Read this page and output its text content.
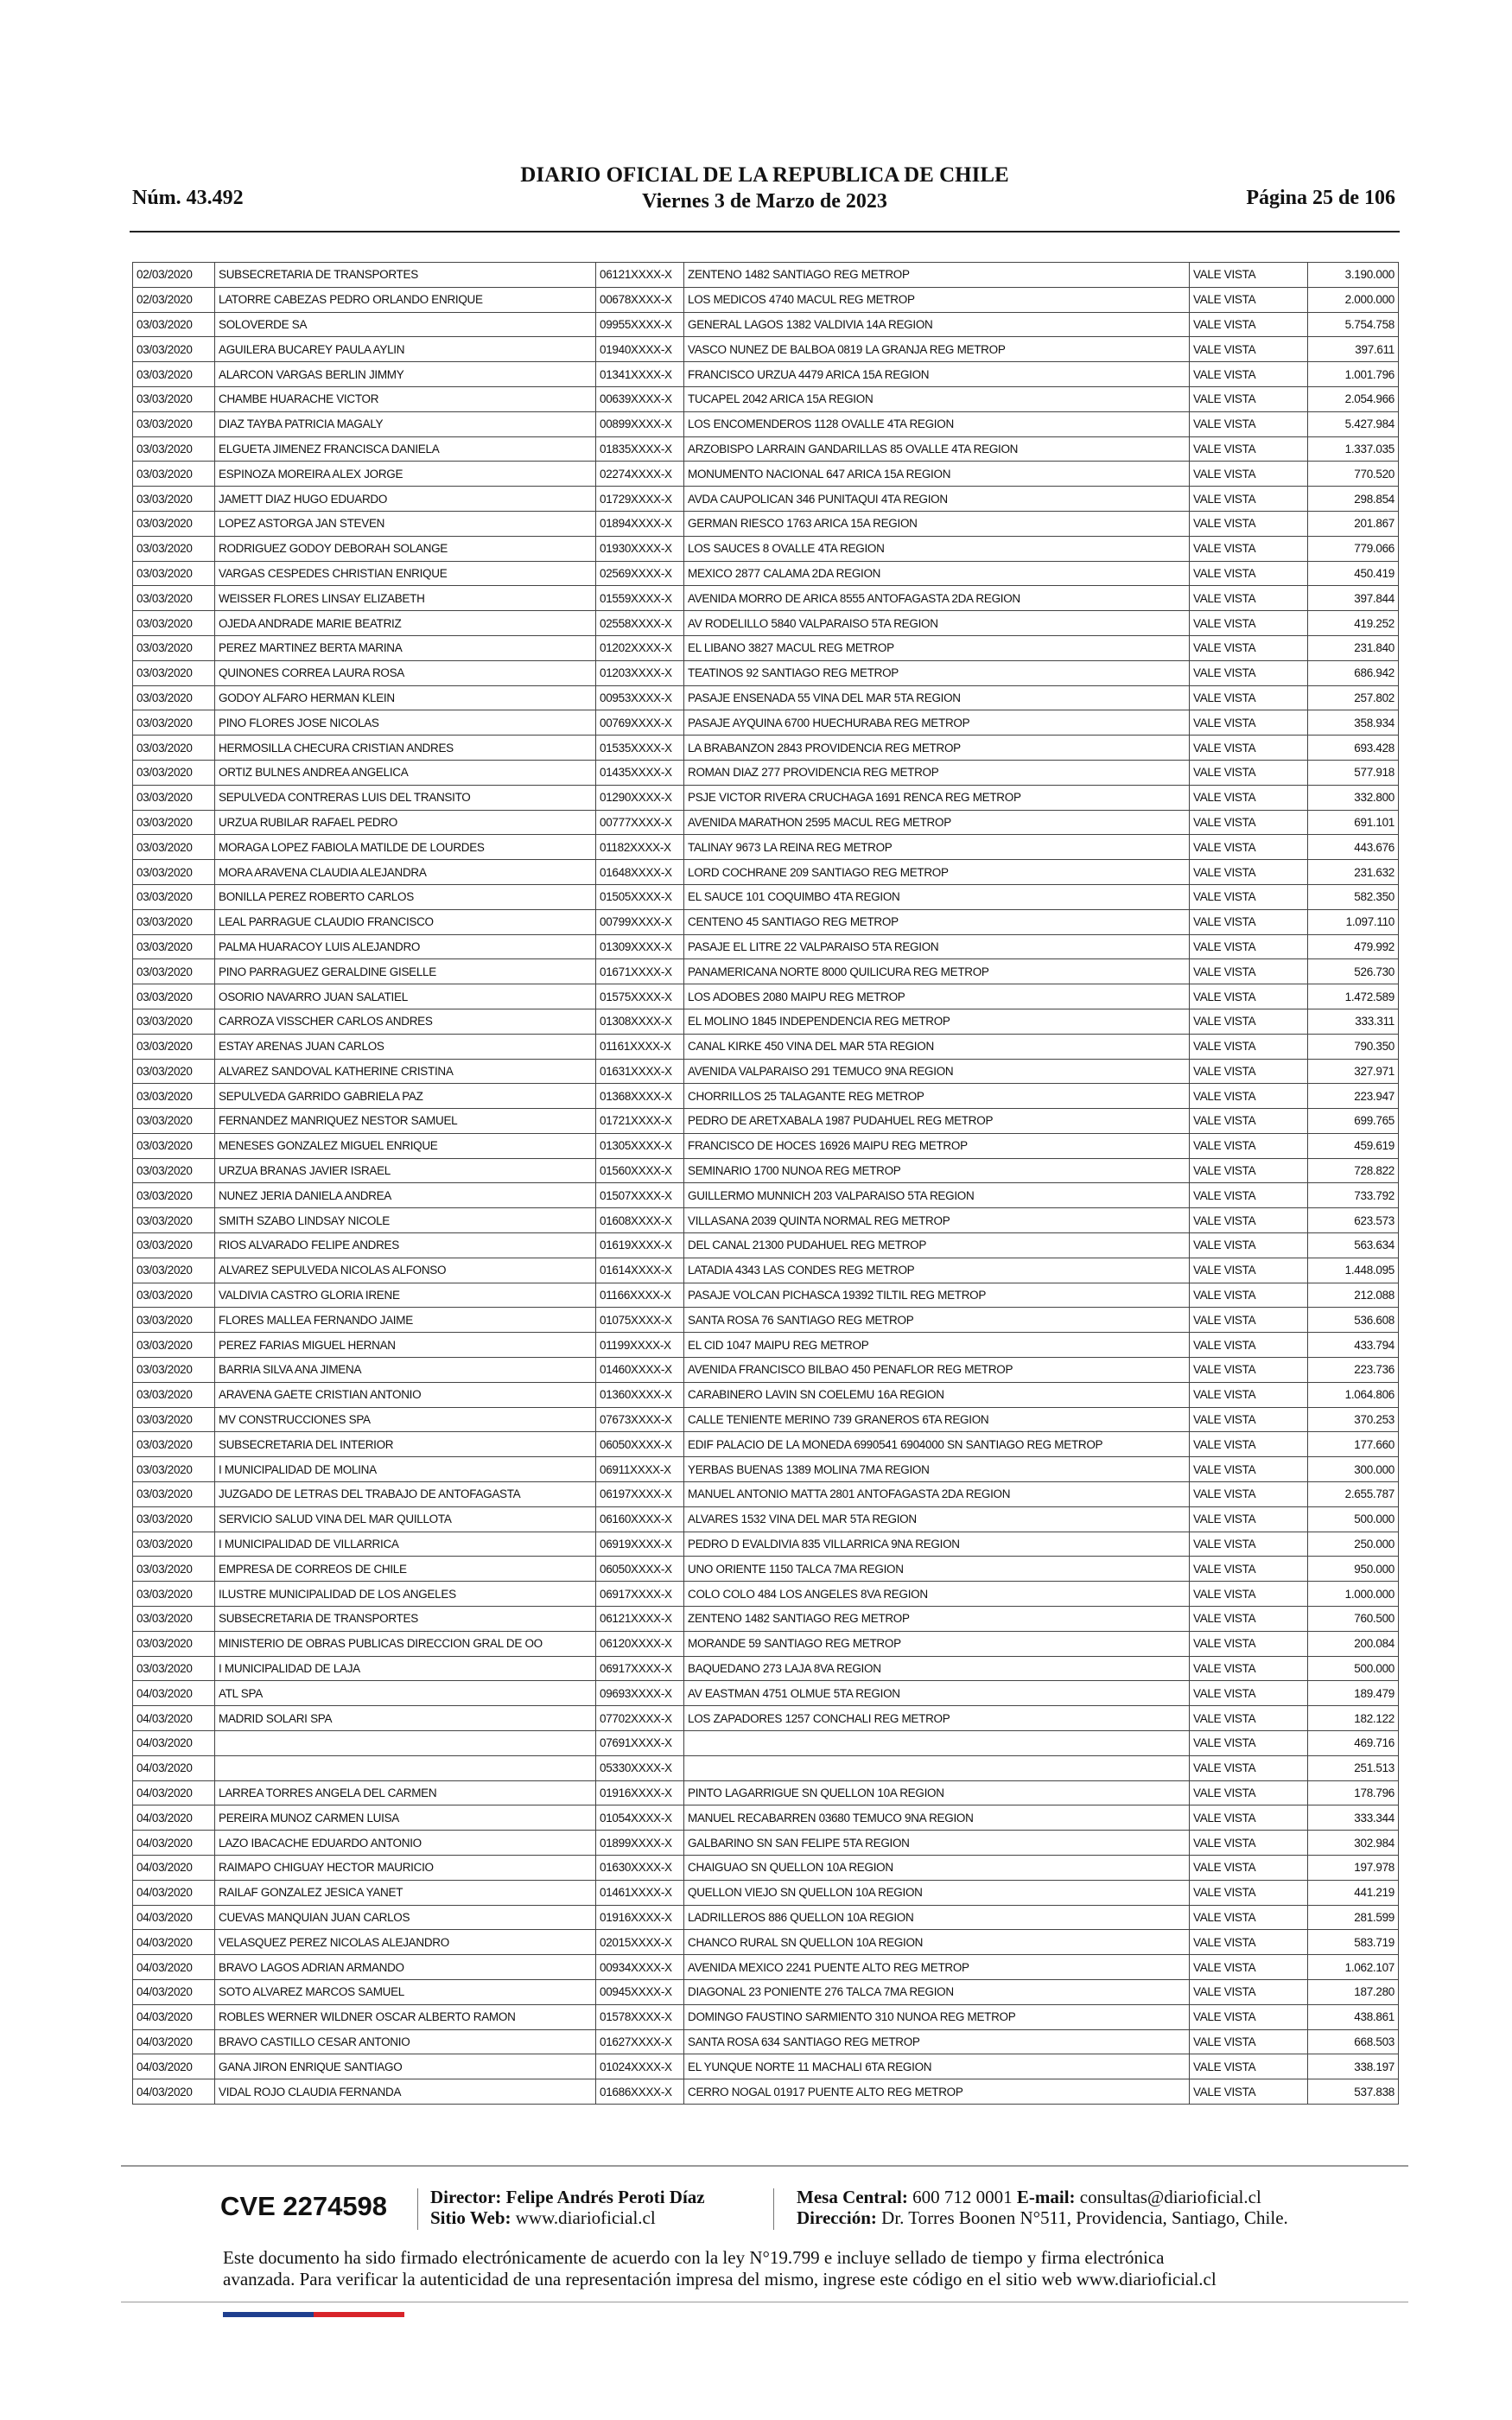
Núm. 43.492
DIARIO OFICIAL DE LA REPUBLICA DE CHILE
Viernes 3 de Marzo de 2023	Página 25 de 106
02/03/2020	SUBSECRETARIA DE TRANSPORTES	06121XXXX-X	ZENTENO 1482 SANTIAGO REG METROP	VALE VISTA	3.190.000
02/03/2020	LATORRE CABEZAS PEDRO ORLANDO ENRIQUE	00678XXXX-X	LOS MEDICOS 4740 MACUL REG METROP	VALE VISTA	2.000.000
03/03/2020	SOLOVERDE SA	09955XXXX-X	GENERAL LAGOS 1382 VALDIVIA 14A REGION	VALE VISTA	5.754.758
03/03/2020	AGUILERA BUCAREY PAULA AYLIN	01940XXXX-X	VASCO NUNEZ DE BALBOA 0819 LA GRANJA REG METROP	VALE VISTA	397.611
03/03/2020	ALARCON VARGAS BERLIN JIMMY	01341XXXX-X	FRANCISCO URZUA 4479 ARICA 15A REGION	VALE VISTA	1.001.796
03/03/2020	CHAMBE HUARACHE VICTOR	00639XXXX-X	TUCAPEL 2042 ARICA 15A REGION	VALE VISTA	2.054.966
03/03/2020	DIAZ TAYBA PATRICIA MAGALY	00899XXXX-X	LOS ENCOMENDEROS 1128 OVALLE 4TA REGION	VALE VISTA	5.427.984
03/03/2020	ELGUETA JIMENEZ FRANCISCA DANIELA	01835XXXX-X	ARZOBISPO LARRAIN GANDARILLAS 85 OVALLE 4TA REGION	VALE VISTA	1.337.035
03/03/2020	ESPINOZA MOREIRA ALEX JORGE	02274XXXX-X	MONUMENTO NACIONAL 647 ARICA 15A REGION	VALE VISTA	770.520
03/03/2020	JAMETT DIAZ HUGO EDUARDO	01729XXXX-X	AVDA CAUPOLICAN 346 PUNITAQUI 4TA REGION	VALE VISTA	298.854
03/03/2020	LOPEZ ASTORGA JAN STEVEN	01894XXXX-X	GERMAN RIESCO 1763 ARICA 15A REGION	VALE VISTA	201.867
03/03/2020	RODRIGUEZ GODOY DEBORAH SOLANGE	01930XXXX-X	LOS SAUCES 8 OVALLE 4TA REGION	VALE VISTA	779.066
03/03/2020	VARGAS CESPEDES CHRISTIAN ENRIQUE	02569XXXX-X	MEXICO 2877 CALAMA 2DA REGION	VALE VISTA	450.419
03/03/2020	WEISSER FLORES LINSAY ELIZABETH	01559XXXX-X	AVENIDA MORRO DE ARICA 8555 ANTOFAGASTA 2DA REGION	VALE VISTA	397.844
03/03/2020	OJEDA ANDRADE MARIE BEATRIZ	02558XXXX-X	AV RODELILLO 5840 VALPARAISO 5TA REGION	VALE VISTA	419.252
03/03/2020	PEREZ MARTINEZ BERTA MARINA	01202XXXX-X	EL LIBANO 3827 MACUL REG METROP	VALE VISTA	231.840
03/03/2020	QUINONES CORREA LAURA ROSA	01203XXXX-X	TEATINOS 92 SANTIAGO REG METROP	VALE VISTA	686.942
03/03/2020	GODOY ALFARO HERMAN KLEIN	00953XXXX-X	PASAJE ENSENADA 55 VINA DEL MAR 5TA REGION	VALE VISTA	257.802
03/03/2020	PINO FLORES JOSE NICOLAS	00769XXXX-X	PASAJE AYQUINA 6700 HUECHURABA REG METROP	VALE VISTA	358.934
03/03/2020	HERMOSILLA CHECURA CRISTIAN ANDRES	01535XXXX-X	LA BRABANZON 2843 PROVIDENCIA REG METROP	VALE VISTA	693.428
03/03/2020	ORTIZ BULNES ANDREA ANGELICA	01435XXXX-X	ROMAN DIAZ 277 PROVIDENCIA REG METROP	VALE VISTA	577.918
03/03/2020	SEPULVEDA CONTRERAS LUIS DEL TRANSITO	01290XXXX-X	PSJE VICTOR RIVERA CRUCHAGA 1691 RENCA REG METROP	VALE VISTA	332.800
03/03/2020	URZUA RUBILAR RAFAEL PEDRO	00777XXXX-X	AVENIDA MARATHON 2595 MACUL REG METROP	VALE VISTA	691.101
03/03/2020	MORAGA LOPEZ FABIOLA MATILDE DE LOURDES	01182XXXX-X	TALINAY 9673 LA REINA REG METROP	VALE VISTA	443.676
03/03/2020	MORA ARAVENA CLAUDIA ALEJANDRA	01648XXXX-X	LORD COCHRANE 209 SANTIAGO REG METROP	VALE VISTA	231.632
03/03/2020	BONILLA PEREZ ROBERTO CARLOS	01505XXXX-X	EL SAUCE 101 COQUIMBO 4TA REGION	VALE VISTA	582.350
03/03/2020	LEAL PARRAGUE CLAUDIO FRANCISCO	00799XXXX-X	CENTENO 45 SANTIAGO REG METROP	VALE VISTA	1.097.110
03/03/2020	PALMA HUARACOY LUIS ALEJANDRO	01309XXXX-X	PASAJE EL LITRE 22 VALPARAISO 5TA REGION	VALE VISTA	479.992
03/03/2020	PINO PARRAGUEZ GERALDINE GISELLE	01671XXXX-X	PANAMERICANA NORTE 8000 QUILICURA REG METROP	VALE VISTA	526.730
03/03/2020	OSORIO NAVARRO JUAN SALATIEL	01575XXXX-X	LOS ADOBES 2080 MAIPU REG METROP	VALE VISTA	1.472.589
03/03/2020	CARROZA VISSCHER CARLOS ANDRES	01308XXXX-X	EL MOLINO 1845 INDEPENDENCIA REG METROP	VALE VISTA	333.311
03/03/2020	ESTAY ARENAS JUAN CARLOS	01161XXXX-X	CANAL KIRKE 450 VINA DEL MAR 5TA REGION	VALE VISTA	790.350
03/03/2020	ALVAREZ SANDOVAL KATHERINE CRISTINA	01631XXXX-X	AVENIDA VALPARAISO 291 TEMUCO 9NA REGION	VALE VISTA	327.971
03/03/2020	SEPULVEDA GARRIDO GABRIELA PAZ	01368XXXX-X	CHORRILLOS 25 TALAGANTE REG METROP	VALE VISTA	223.947
03/03/2020	FERNANDEZ MANRIQUEZ NESTOR SAMUEL	01721XXXX-X	PEDRO DE ARETXABALA 1987 PUDAHUEL REG METROP	VALE VISTA	699.765
03/03/2020	MENESES GONZALEZ MIGUEL ENRIQUE	01305XXXX-X	FRANCISCO DE HOCES 16926 MAIPU REG METROP	VALE VISTA	459.619
03/03/2020	URZUA BRANAS JAVIER ISRAEL	01560XXXX-X	SEMINARIO 1700 NUNOA REG METROP	VALE VISTA	728.822
03/03/2020	NUNEZ JERIA DANIELA ANDREA	01507XXXX-X	GUILLERMO MUNNICH 203 VALPARAISO 5TA REGION	VALE VISTA	733.792
03/03/2020	SMITH SZABO LINDSAY NICOLE	01608XXXX-X	VILLASANA 2039 QUINTA NORMAL REG METROP	VALE VISTA	623.573
03/03/2020	RIOS ALVARADO FELIPE ANDRES	01619XXXX-X	DEL CANAL 21300 PUDAHUEL REG METROP	VALE VISTA	563.634
03/03/2020	ALVAREZ SEPULVEDA NICOLAS ALFONSO	01614XXXX-X	LATADIA 4343 LAS CONDES REG METROP	VALE VISTA	1.448.095
03/03/2020	VALDIVIA CASTRO GLORIA IRENE	01166XXXX-X	PASAJE VOLCAN PICHASCA 19392 TILTIL REG METROP	VALE VISTA	212.088
03/03/2020	FLORES MALLEA FERNANDO JAIME	01075XXXX-X	SANTA ROSA 76 SANTIAGO REG METROP	VALE VISTA	536.608
03/03/2020	PEREZ FARIAS MIGUEL HERNAN	01199XXXX-X	EL CID 1047 MAIPU REG METROP	VALE VISTA	433.794
03/03/2020	BARRIA SILVA ANA JIMENA	01460XXXX-X	AVENIDA FRANCISCO BILBAO 450 PENAFLOR REG METROP	VALE VISTA	223.736
03/03/2020	ARAVENA GAETE CRISTIAN ANTONIO	01360XXXX-X	CARABINERO LAVIN SN COELEMU 16A REGION	VALE VISTA	1.064.806
03/03/2020	MV CONSTRUCCIONES SPA	07673XXXX-X	CALLE TENIENTE MERINO 739 GRANEROS 6TA REGION	VALE VISTA	370.253
03/03/2020	SUBSECRETARIA DEL INTERIOR	06050XXXX-X	EDIF PALACIO DE LA MONEDA 6990541 6904000 SN SANTIAGO REG METROP	VALE VISTA	177.660
03/03/2020	I MUNICIPALIDAD DE MOLINA	06911XXXX-X	YERBAS BUENAS 1389 MOLINA 7MA REGION	VALE VISTA	300.000
03/03/2020	JUZGADO DE LETRAS DEL TRABAJO DE ANTOFAGASTA	06197XXXX-X	MANUEL ANTONIO MATTA 2801 ANTOFAGASTA 2DA REGION	VALE VISTA	2.655.787
03/03/2020	SERVICIO SALUD VINA DEL MAR QUILLOTA	06160XXXX-X	ALVARES 1532 VINA DEL MAR 5TA REGION	VALE VISTA	500.000
03/03/2020	I MUNICIPALIDAD DE VILLARRICA	06919XXXX-X	PEDRO D EVALDIVIA 835 VILLARRICA 9NA REGION	VALE VISTA	250.000
03/03/2020	EMPRESA DE CORREOS DE CHILE	06050XXXX-X	UNO ORIENTE 1150 TALCA 7MA REGION	VALE VISTA	950.000
03/03/2020	ILUSTRE MUNICIPALIDAD DE LOS ANGELES	06917XXXX-X	COLO COLO 484 LOS ANGELES 8VA REGION	VALE VISTA	1.000.000
03/03/2020	SUBSECRETARIA DE TRANSPORTES	06121XXXX-X	ZENTENO 1482 SANTIAGO REG METROP	VALE VISTA	760.500
03/03/2020	MINISTERIO DE OBRAS PUBLICAS DIRECCION GRAL DE OO	06120XXXX-X	MORANDE 59 SANTIAGO REG METROP	VALE VISTA	200.084
03/03/2020	I MUNICIPALIDAD DE LAJA	06917XXXX-X	BAQUEDANO 273 LAJA 8VA REGION	VALE VISTA	500.000
04/03/2020	ATL SPA	09693XXXX-X	AV EASTMAN 4751 OLMUE 5TA REGION	VALE VISTA	189.479
04/03/2020	MADRID SOLARI SPA	07702XXXX-X	LOS ZAPADORES 1257 CONCHALI REG METROP	VALE VISTA	182.122
04/03/2020		07691XXXX-X		VALE VISTA	469.716
04/03/2020		05330XXXX-X		VALE VISTA	251.513
04/03/2020	LARREA TORRES ANGELA DEL CARMEN	01916XXXX-X	PINTO LAGARRIGUE SN QUELLON 10A REGION	VALE VISTA	178.796
04/03/2020	PEREIRA MUNOZ CARMEN LUISA	01054XXXX-X	MANUEL RECABARREN 03680 TEMUCO 9NA REGION	VALE VISTA	333.344
04/03/2020	LAZO IBACACHE EDUARDO ANTONIO	01899XXXX-X	GALBARINO SN SAN FELIPE 5TA REGION	VALE VISTA	302.984
04/03/2020	RAIMAPO CHIGUAY HECTOR MAURICIO	01630XXXX-X	CHAIGUAO SN QUELLON 10A REGION	VALE VISTA	197.978
04/03/2020	RAILAF GONZALEZ JESICA YANET	01461XXXX-X	QUELLON VIEJO SN QUELLON 10A REGION	VALE VISTA	441.219
04/03/2020	CUEVAS MANQUIAN JUAN CARLOS	01916XXXX-X	LADRILLEROS 886 QUELLON 10A REGION	VALE VISTA	281.599
04/03/2020	VELASQUEZ PEREZ NICOLAS ALEJANDRO	02015XXXX-X	CHANCO RURAL SN QUELLON 10A REGION	VALE VISTA	583.719
04/03/2020	BRAVO LAGOS ADRIAN ARMANDO	00934XXXX-X	AVENIDA MEXICO 2241 PUENTE ALTO REG METROP	VALE VISTA	1.062.107
04/03/2020	SOTO ALVAREZ MARCOS SAMUEL	00945XXXX-X	DIAGONAL 23 PONIENTE 276 TALCA 7MA REGION	VALE VISTA	187.280
04/03/2020	ROBLES WERNER WILDNER OSCAR ALBERTO RAMON	01578XXXX-X	DOMINGO FAUSTINO SARMIENTO 310 NUNOA REG METROP	VALE VISTA	438.861
04/03/2020	BRAVO CASTILLO CESAR ANTONIO	01627XXXX-X	SANTA ROSA 634 SANTIAGO REG METROP	VALE VISTA	668.503
04/03/2020	GANA JIRON ENRIQUE SANTIAGO	01024XXXX-X	EL YUNQUE NORTE 11 MACHALI 6TA REGION	VALE VISTA	338.197
04/03/2020	VIDAL ROJO CLAUDIA FERNANDA	01686XXXX-X	CERRO NOGAL 01917 PUENTE ALTO REG METROP	VALE VISTA	537.838
CVE 2274598 Director: Felipe Andrés Peroti Díaz
Sitio Web: www.diarioficial.cl
Mesa Central: 600 712 0001 E-mail: consultas@diarioficial.cl
Dirección: Dr. Torres Boonen N°511, Providencia, Santiago, Chile.
Este documento ha sido firmado electrónicamente de acuerdo con la ley N°19.799 e incluye sellado de tiempo y firma electrónica
avanzada. Para verificar la autenticidad de una representación impresa del mismo, ingrese este código en el sitio web www.diarioficial.cl
